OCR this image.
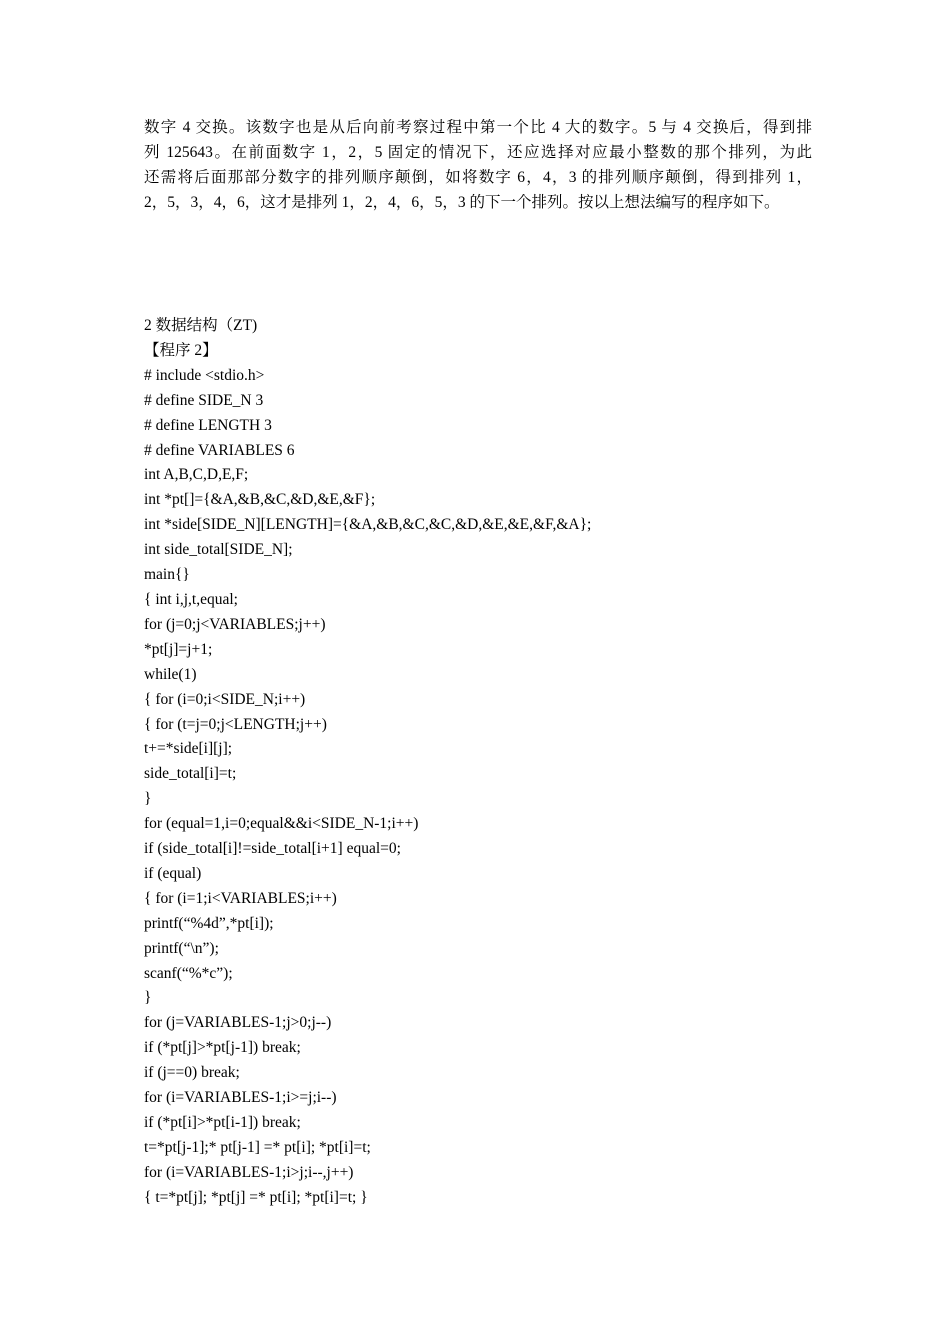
数字 4 交换。该数字也是从后向前考察过程中第一个比 4 大的数字。5 与 4 交换后，得到排
列 125643。在前面数字 1，2，5 固定的情况下，还应选择对应最小整数的那个排列，为此
还需将后面那部分数字的排列顺序颠倒，如将数字 6，4，3 的排列顺序颠倒，得到排列 1，
2，5，3，4，6，这才是排列 1，2，4，6，5，3 的下一个排列。按以上想法编写的程序如下。
2 数据结构（ZT)
【程序 2】
# include <stdio.h>
# define SIDE_N 3
# define LENGTH 3
# define VARIABLES 6
int A,B,C,D,E,F;
int *pt[]={&A,&B,&C,&D,&E,&F};
int *side[SIDE_N][LENGTH]={&A,&B,&C,&C,&D,&E,&E,&F,&A};
int side_total[SIDE_N];
main{}
{ int i,j,t,equal;
for (j=0;j<VARIABLES;j++)
*pt[j]=j+1;
while(1)
{ for (i=0;i<SIDE_N;i++)
{ for (t=j=0;j<LENGTH;j++)
t+=*side[i][j];
side_total[i]=t;
}
for (equal=1,i=0;equal&&i<SIDE_N-1;i++)
if (side_total[i]!=side_total[i+1] equal=0;
if (equal)
{ for (i=1;i<VARIABLES;i++)
printf(“%4d”,*pt[i]);
printf(“\n”);
scanf(“%*c”);
}
for (j=VARIABLES-1;j>0;j--)
if (*pt[j]>*pt[j-1]) break;
if (j==0) break;
for (i=VARIABLES-1;i>=j;i--)
if (*pt[i]>*pt[i-1]) break;
t=*pt[j-1];* pt[j-1] =* pt[i]; *pt[i]=t;
for (i=VARIABLES-1;i>j;i--,j++)
{ t=*pt[j]; *pt[j] =* pt[i]; *pt[i]=t; }
